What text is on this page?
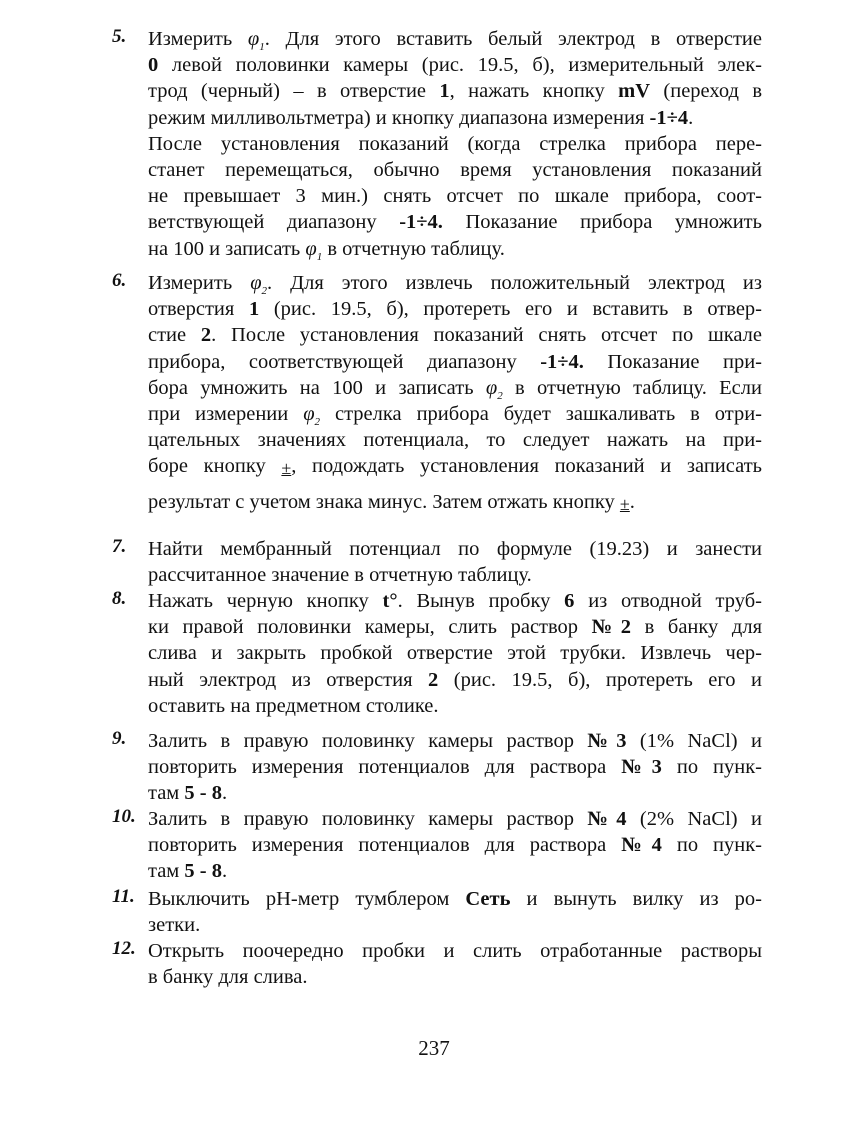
5.	Измерить $\varphi_1$. Для этого вставить белый электрод в отверстие
0 левой половинки камеры (рис. 19.5, б), измерительный элек-
трод (черный) – в отверстие 1, нажать кнопку mV (переход в
режим милливольтметра) и кнопку диапазона измерения -1÷4.
После установления показаний (когда стрелка прибора пере-
станет перемещаться, обычно время установления показаний
не превышает 3 мин.) снять отсчет по шкале прибора, соот-
ветствующей диапазону -1÷4. Показание прибора умножить
на 100 и записать $\varphi_1$ в отчетную таблицу.
6.	Измерить $\varphi_2$. Для этого извлечь положительный электрод из
отверстия 1 (рис. 19.5, б), протереть его и вставить в отвер-
стие 2. После установления показаний снять отсчет по шкале
прибора, соответствующей диапазону -1÷4. Показание при-
бора умножить на 100 и записать $\varphi_2$ в отчетную таблицу. Если
при измерении $\varphi_2$ стрелка прибора будет зашкаливать в отри-
цательных значениях потенциала, то следует нажать на при-
боре кнопку ±, подождать установления показаний и записать
результат с учетом знака минус. Затем отжать кнопку ±.
7.	Найти мембранный потенциал по формуле (19.23) и занести
рассчитанное значение в отчетную таблицу.
8.	Нажать черную кнопку t°. Вынув пробку 6 из отводной труб-
ки правой половинки камеры, слить раствор №2 в банку для
слива и закрыть пробкой отверстие этой трубки. Извлечь чер-
ный электрод из отверстия 2 (рис. 19.5, б), протереть его и
оставить на предметном столике.
9.	Залить в правую половинку камеры раствор №3 (1% NaCl) и
повторить измерения потенциалов для раствора №3 по пунк-
там 5 - 8.
10. Залить в правую половинку камеры раствор №4 (2% NaCl) и
повторить измерения потенциалов для раствора №4 по пунк-
там 5 - 8.
11. Выключить рН-метр тумблером Сеть и вынуть вилку из ро-
зетки.
12. Открыть поочередно пробки и слить отработанные растворы
в банку для слива.
237
